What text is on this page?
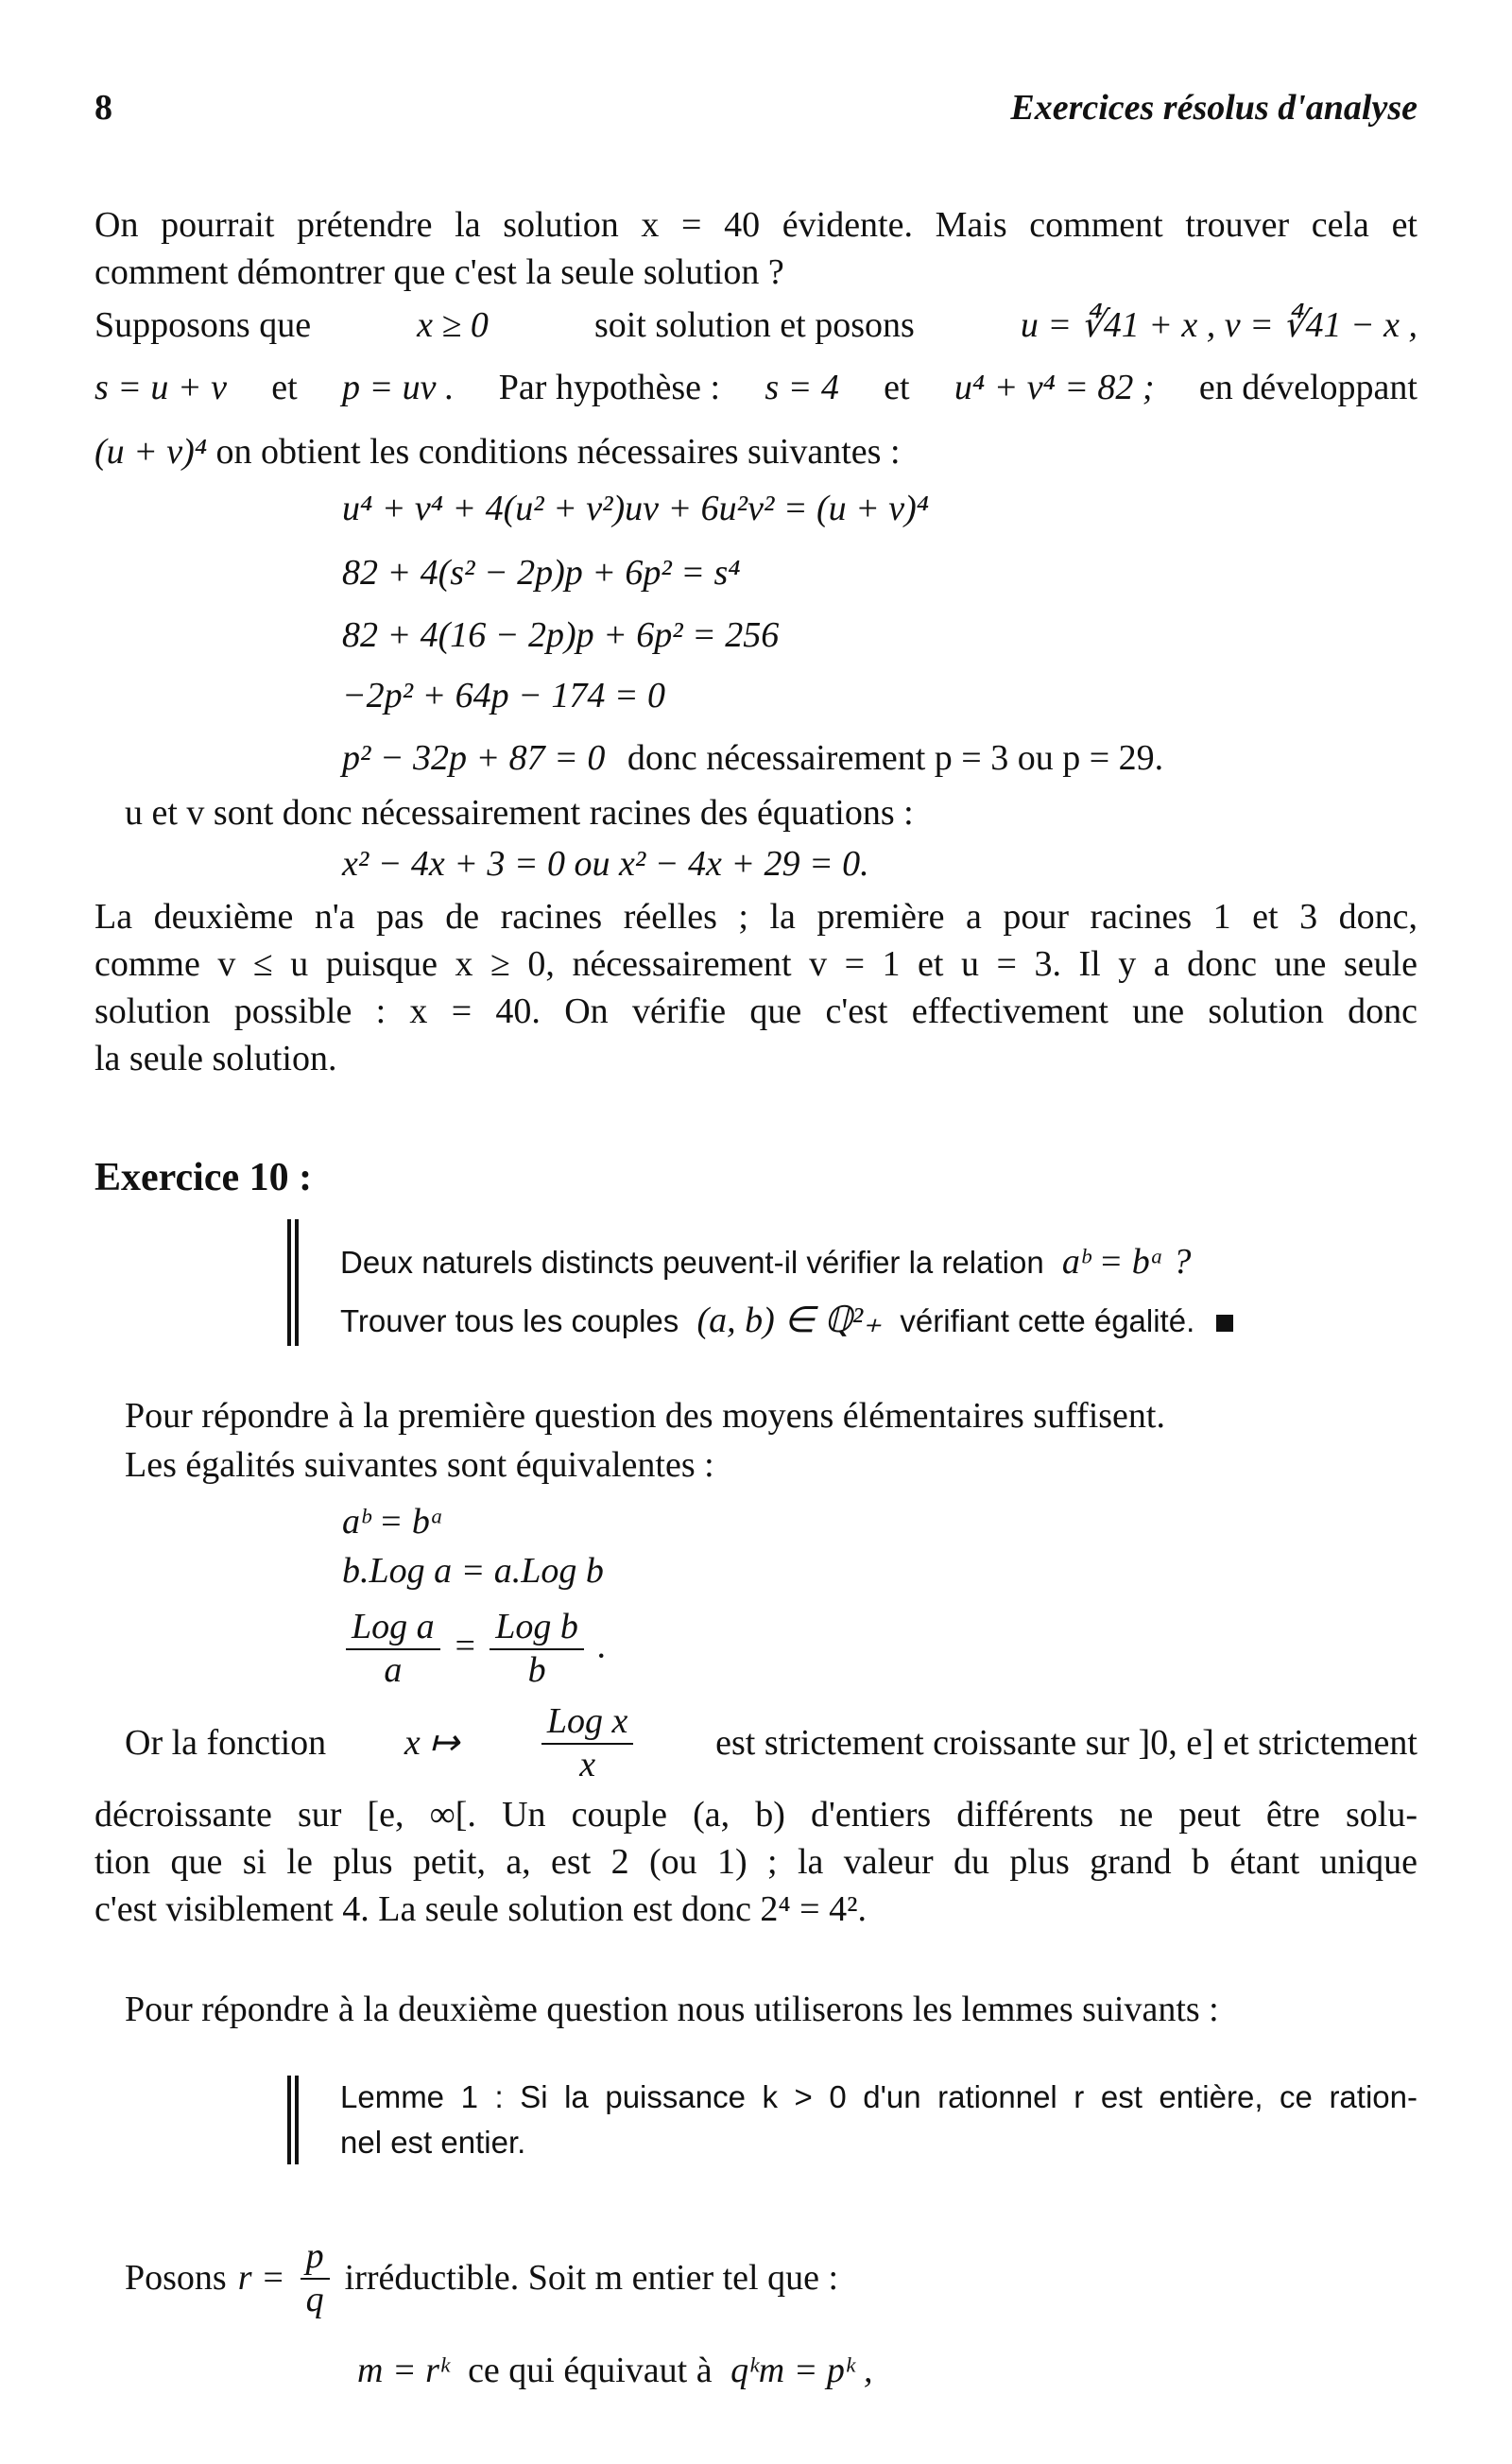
8	Exercices résolus d'analyse
On pourrait prétendre la solution x = 40 évidente. Mais comment trouver cela et
comment démontrer que c'est la seule solution ?
Supposons que	x ≥ 0	soit solution et posons	u = ∜41 + x , v = ∜41 − x ,
s = u + v et p = uv . Par hypothèse : s = 4 et u⁴ + v⁴ = 82 ; en développant
(u + v)⁴ on obtient les conditions nécessaires suivantes :
u⁴ + v⁴ + 4(u² + v²)uv + 6u²v² = (u + v)⁴
82 + 4(s² − 2p)p + 6p² = s⁴
82 + 4(16 − 2p)p + 6p² = 256
−2p² + 64p − 174 = 0
p² − 32p + 87 = 0 donc nécessairement p = 3 ou p = 29.
u et v sont donc nécessairement racines des équations :
x² − 4x + 3 = 0 ou x² − 4x + 29 = 0.
La deuxième n'a pas de racines réelles ; la première a pour racines 1 et 3 donc,
comme v ≤ u puisque x ≥ 0, nécessairement v = 1 et u = 3. Il y a donc une seule
solution possible : x = 40. On vérifie que c'est effectivement une solution donc
la seule solution.
Exercice 10 :
Deux naturels distincts peuvent-il vérifier la relation aᵇ = bᵃ ?
Trouver tous les couples (a, b) ∈ ℚ²₊ vérifiant cette égalité.
Pour répondre à la première question des moyens élémentaires suffisent.
Les égalités suivantes sont équivalentes :
aᵇ = bᵃ
b.Log a = a.Log b
$\frac{\text{Log a}}{a} = \frac{\text{Log b}}{b}$ .
Or la fonction x ↦ $\frac{\text{Log x}}{x}$ est strictement croissante sur ]0, e] et strictement
décroissante sur [e, ∞[. Un couple (a, b) d'entiers différents ne peut être solu-
tion que si le plus petit, a, est 2 (ou 1) ; la valeur du plus grand b étant unique
c'est visiblement 4. La seule solution est donc 2⁴ = 4².
Pour répondre à la deuxième question nous utiliserons les lemmes suivants :
Lemme 1 : Si la puissance k > 0 d'un rationnel r est entière, ce ration-
nel est entier.
Posons $r = \frac{p}{q}$ irréductible. Soit m entier tel que :
m = rᵏ ce qui équivaut à qᵏm = pᵏ ,
